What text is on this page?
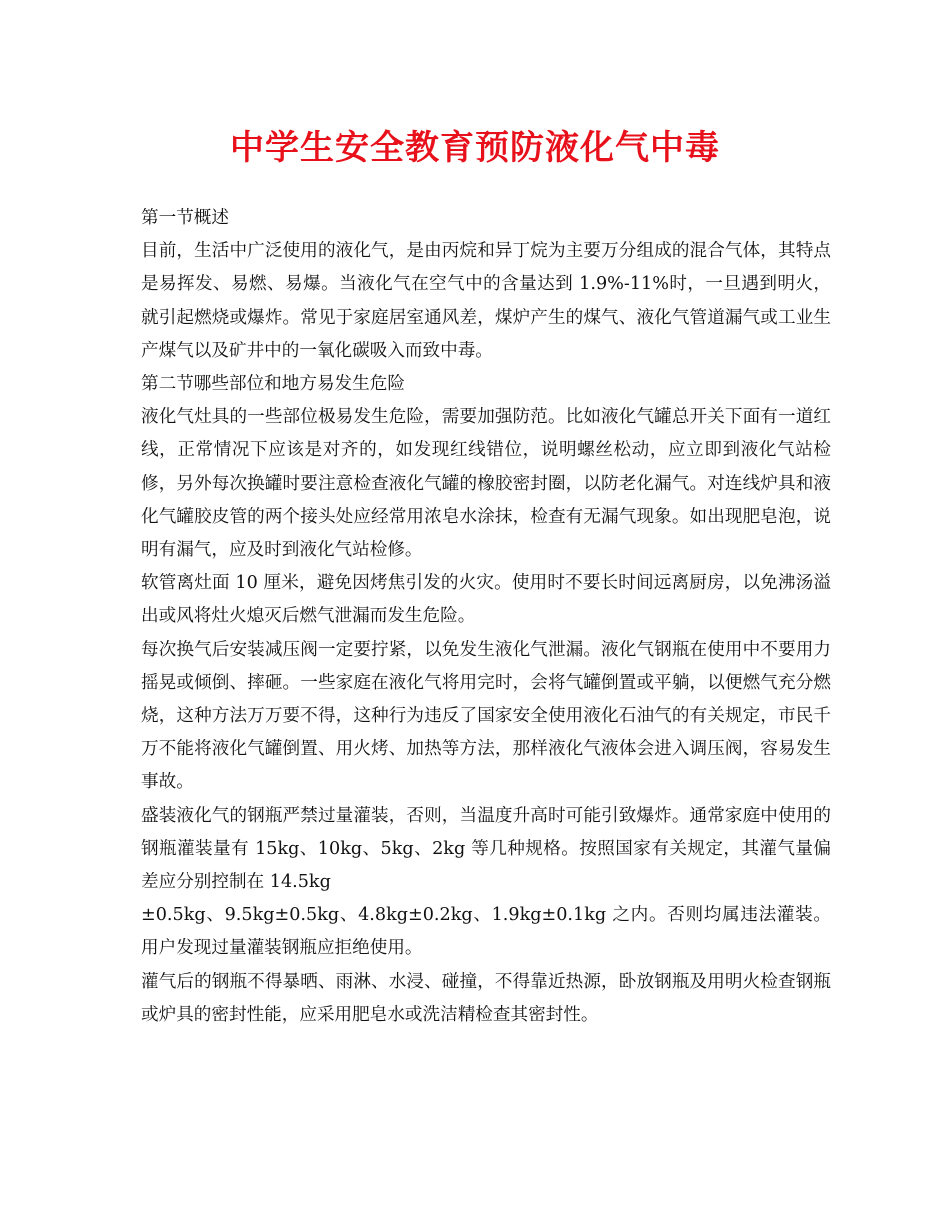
中学生安全教育预防液化气中毒

第一节概述

目前，生活中广泛使用的液化气，是由丙烷和异丁烷为主要万分组成的混合气体，其特点是易挥发、易燃、易爆。当液化气在空气中的含量达到 1.9%-11%时，一旦遇到明火，就引起燃烧或爆炸。常见于家庭居室通风差，煤炉产生的煤气、液化气管道漏气或工业生产煤气以及矿井中的一氧化碳吸入而致中毒。

第二节哪些部位和地方易发生危险

液化气灶具的一些部位极易发生危险，需要加强防范。比如液化气罐总开关下面有一道红线，正常情况下应该是对齐的，如发现红线错位，说明螺丝松动，应立即到液化气站检修，另外每次换罐时要注意检查液化气罐的橡胶密封圈，以防老化漏气。对连线炉具和液化气罐胶皮管的两个接头处应经常用浓皂水涂抹，检查有无漏气现象。如出现肥皂泡，说明有漏气，应及时到液化气站检修。

软管离灶面 10 厘米，避免因烤焦引发的火灾。使用时不要长时间远离厨房，以免沸汤溢出或风将灶火熄灭后燃气泄漏而发生危险。

每次换气后安装减压阀一定要拧紧，以免发生液化气泄漏。液化气钢瓶在使用中不要用力摇晃或倾倒、摔砸。一些家庭在液化气将用完时，会将气罐倒置或平躺，以便燃气充分燃烧，这种方法万万要不得，这种行为违反了国家安全使用液化石油气的有关规定，市民千万不能将液化气罐倒置、用火烤、加热等方法，那样液化气液体会进入调压阀，容易发生事故。

盛装液化气的钢瓶严禁过量灌装，否则，当温度升高时可能引致爆炸。通常家庭中使用的钢瓶灌装量有 15kg、10kg、5kg、2kg 等几种规格。按照国家有关规定，其灌气量偏差应分别控制在 14.5kg

±0.5kg、9.5kg±0.5kg、4.8kg±0.2kg、1.9kg±0.1kg 之内。否则均属违法灌装。用户发现过量灌装钢瓶应拒绝使用。

灌气后的钢瓶不得暴晒、雨淋、水浸、碰撞，不得靠近热源，卧放钢瓶及用明火检查钢瓶或炉具的密封性能，应采用肥皂水或洗洁精检查其密封性。
